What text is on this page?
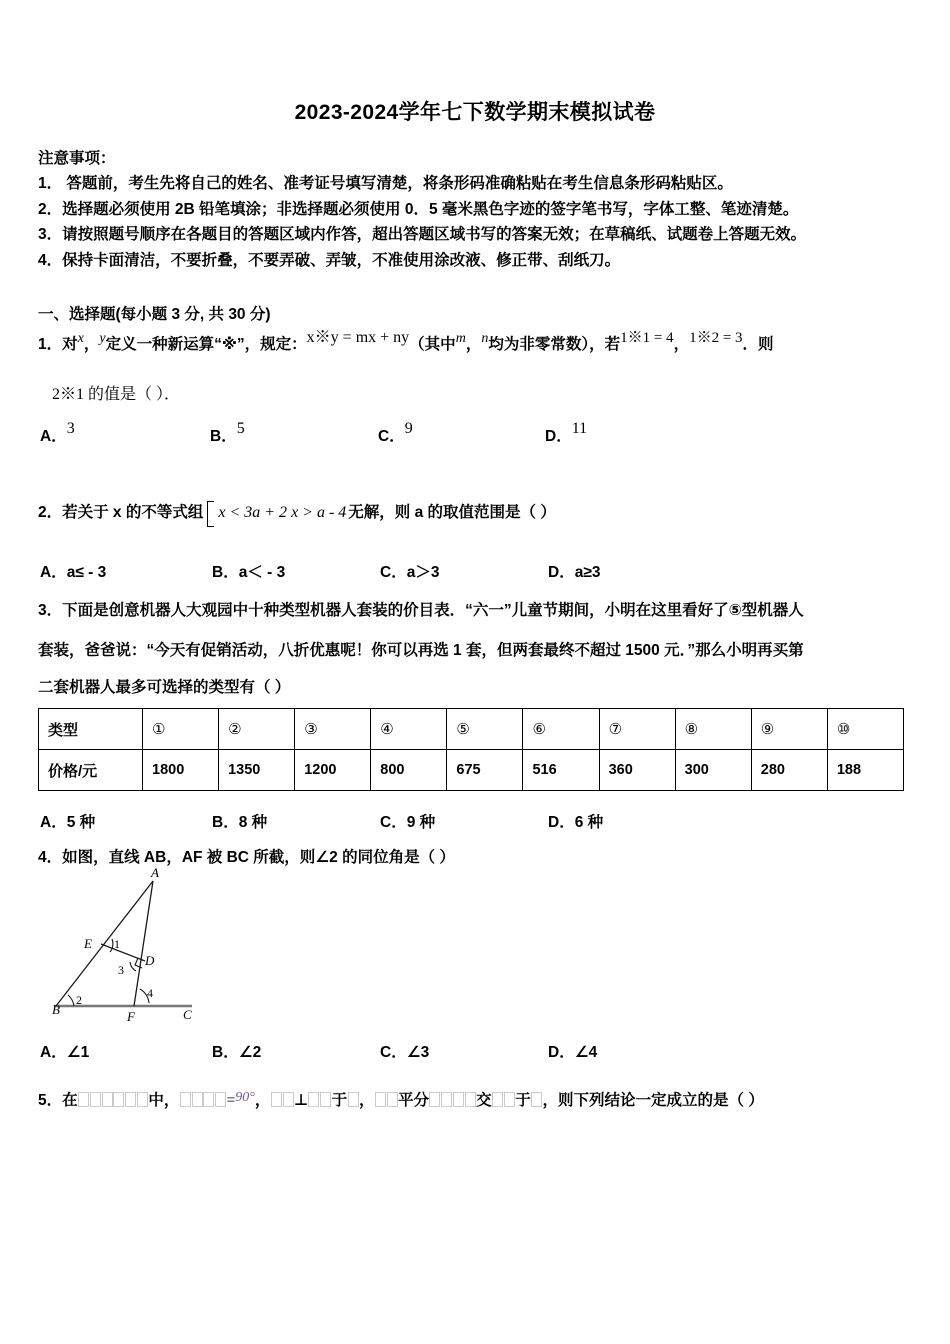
2023-2024学年七下数学期末模拟试卷
注意事项：
1． 答题前，考生先将自己的姓名、准考证号填写清楚，将条形码准确粘贴在考生信息条形码粘贴区。
2．选择题必须使用 2B 铅笔填涂；非选择题必须使用 0．5 毫米黑色字迹的签字笔书写，字体工整、笔迹清楚。
3．请按照题号顺序在各题目的答题区域内作答，超出答题区域书写的答案无效；在草稿纸、试题卷上答题无效。
4．保持卡面清洁，不要折叠，不要弄破、弄皱，不准使用涂改液、修正带、刮纸刀。
一、选择题(每小题 3 分, 共 30 分)
1．对x，y定义一种新运算“※”，规定：x※y = mx + ny（其中m，n均为非零常数），若1※1 = 4，1※2 = 3．则
2※1 的值是（ ）．
A．3	B．5	C．9	D．11
2．若关于 x 的不等式组 x < 3a + 2 x > a - 4 无解，则 a 的取值范围是（ ）
A．a≤ - 3	B．a＜ - 3	C．a＞3	D．a≥3
3．下面是创意机器人大观园中十种类型机器人套装的价目表．“六一”儿童节期间，小明在这里看好了⑤型机器人
套装，爸爸说：“今天有促销活动，八折优惠呢！你可以再选 1 套，但两套最终不超过 1500 元．”那么小明再买第
二套机器人最多可选择的类型有（ ）
类型	①	②	③	④	⑤	⑥	⑦	⑧	⑨	⑩
价格/元	1800	1350	1200	800	675	516	360	300	280	188
A．5 种	B．8 种	C．9 种	D．6 种
4．如图，直线 AB，AF 被 BC 所截，则∠2 的同位角是（ ）
A
B	C
D
E
F
1
2
3
4
A．∠1	B．∠2	C．∠3	D．∠4
5．在	中，	=90°， ⊥ 于 ， 平分	交 于 ，则下列结论一定成立的是（ ）
